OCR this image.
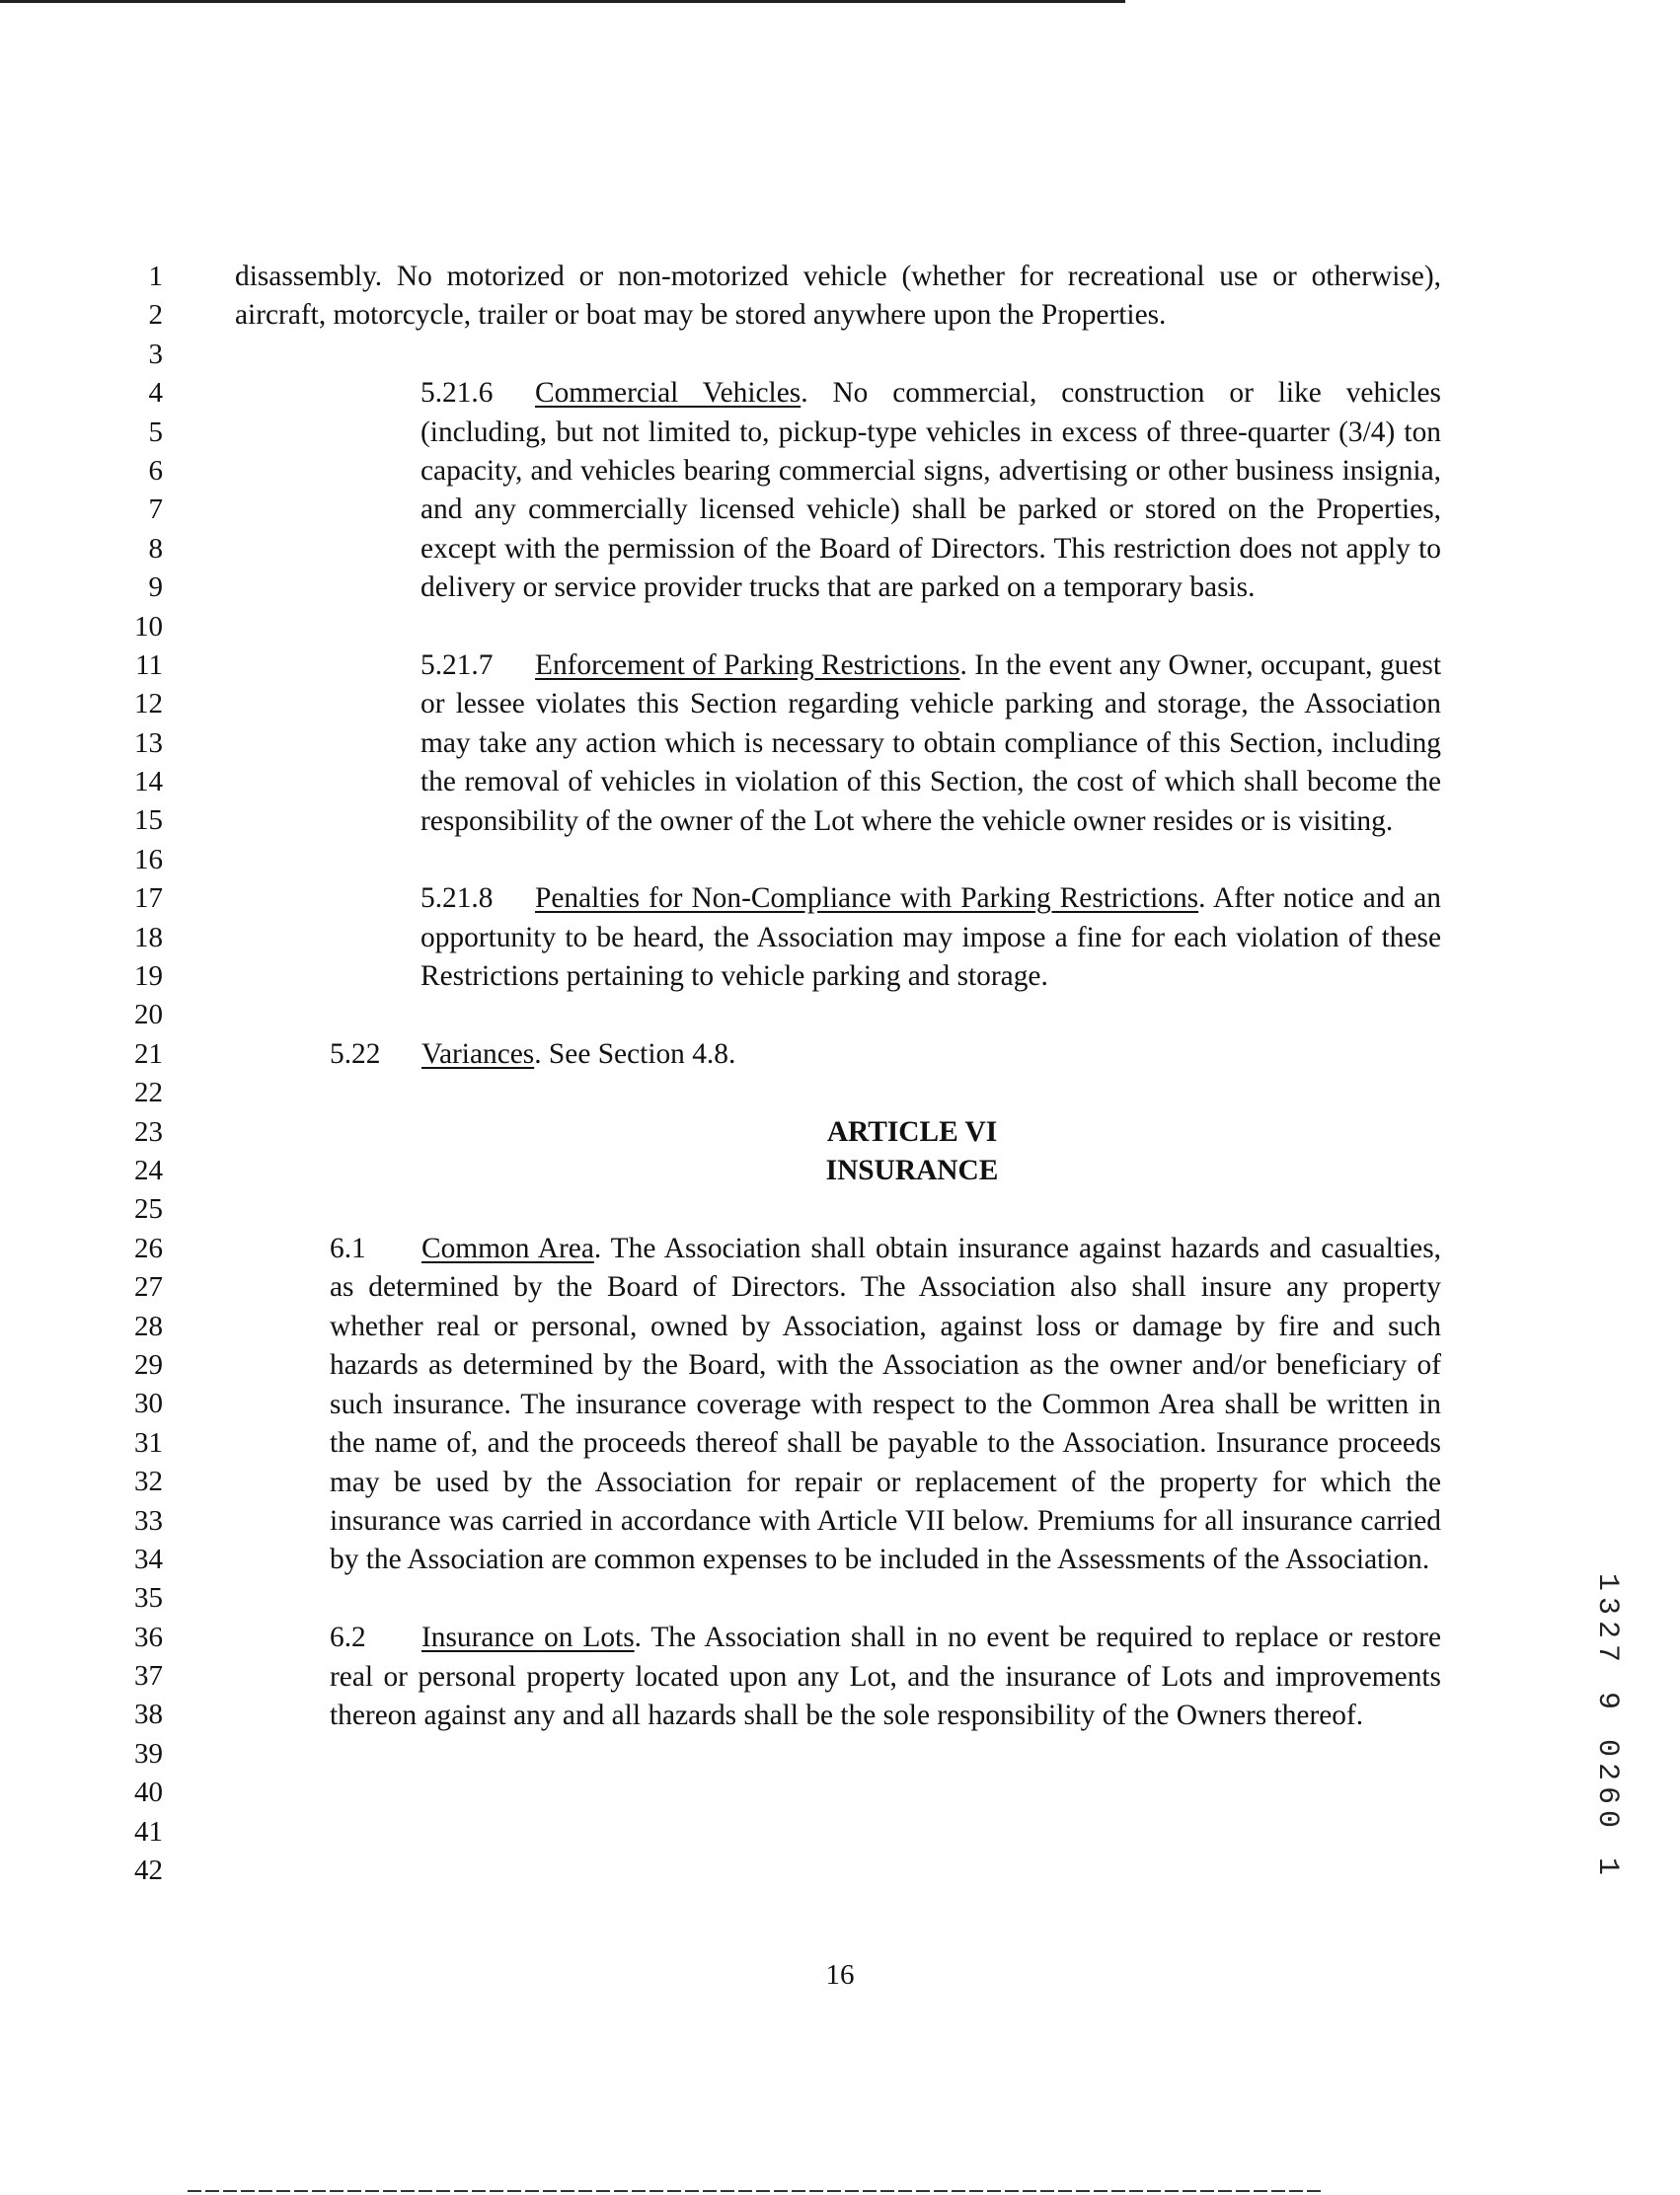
1
2
3
4
5
6
7
8
9
10
11
12
13
14
15
16
17
18
19
20
21
22
23
24
25
26
27
28
29
30
31
32
33
34
35
36
37
38
39
40
41
42

disassembly. No motorized or non-motorized vehicle (whether for recreational use or otherwise), aircraft, motorcycle, trailer or boat may be stored anywhere upon the Properties.

5.21.6 Commercial Vehicles. No commercial, construction or like vehicles (including, but not limited to, pickup-type vehicles in excess of three-quarter (3/4) ton capacity, and vehicles bearing commercial signs, advertising or other business insignia, and any commercially licensed vehicle) shall be parked or stored on the Properties, except with the permission of the Board of Directors. This restriction does not apply to delivery or service provider trucks that are parked on a temporary basis.

5.21.7 Enforcement of Parking Restrictions. In the event any Owner, occupant, guest or lessee violates this Section regarding vehicle parking and storage, the Association may take any action which is necessary to obtain compliance of this Section, including the removal of vehicles in violation of this Section, the cost of which shall become the responsibility of the owner of the Lot where the vehicle owner resides or is visiting.

5.21.8 Penalties for Non-Compliance with Parking Restrictions. After notice and an opportunity to be heard, the Association may impose a fine for each violation of these Restrictions pertaining to vehicle parking and storage.

5.22 Variances. See Section 4.8.

ARTICLE VI
INSURANCE

6.1 Common Area. The Association shall obtain insurance against hazards and casualties, as determined by the Board of Directors. The Association also shall insure any property whether real or personal, owned by Association, against loss or damage by fire and such hazards as determined by the Board, with the Association as the owner and/or beneficiary of such insurance. The insurance coverage with respect to the Common Area shall be written in the name of, and the proceeds thereof shall be payable to the Association. Insurance proceeds may be used by the Association for repair or replacement of the property for which the insurance was carried in accordance with Article VII below. Premiums for all insurance carried by the Association are common expenses to be included in the Assessments of the Association.

6.2 Insurance on Lots. The Association shall in no event be required to replace or restore real or personal property located upon any Lot, and the insurance of Lots and improvements thereon against any and all hazards shall be the sole responsibility of the Owners thereof.

16
1327 9 0260 1
